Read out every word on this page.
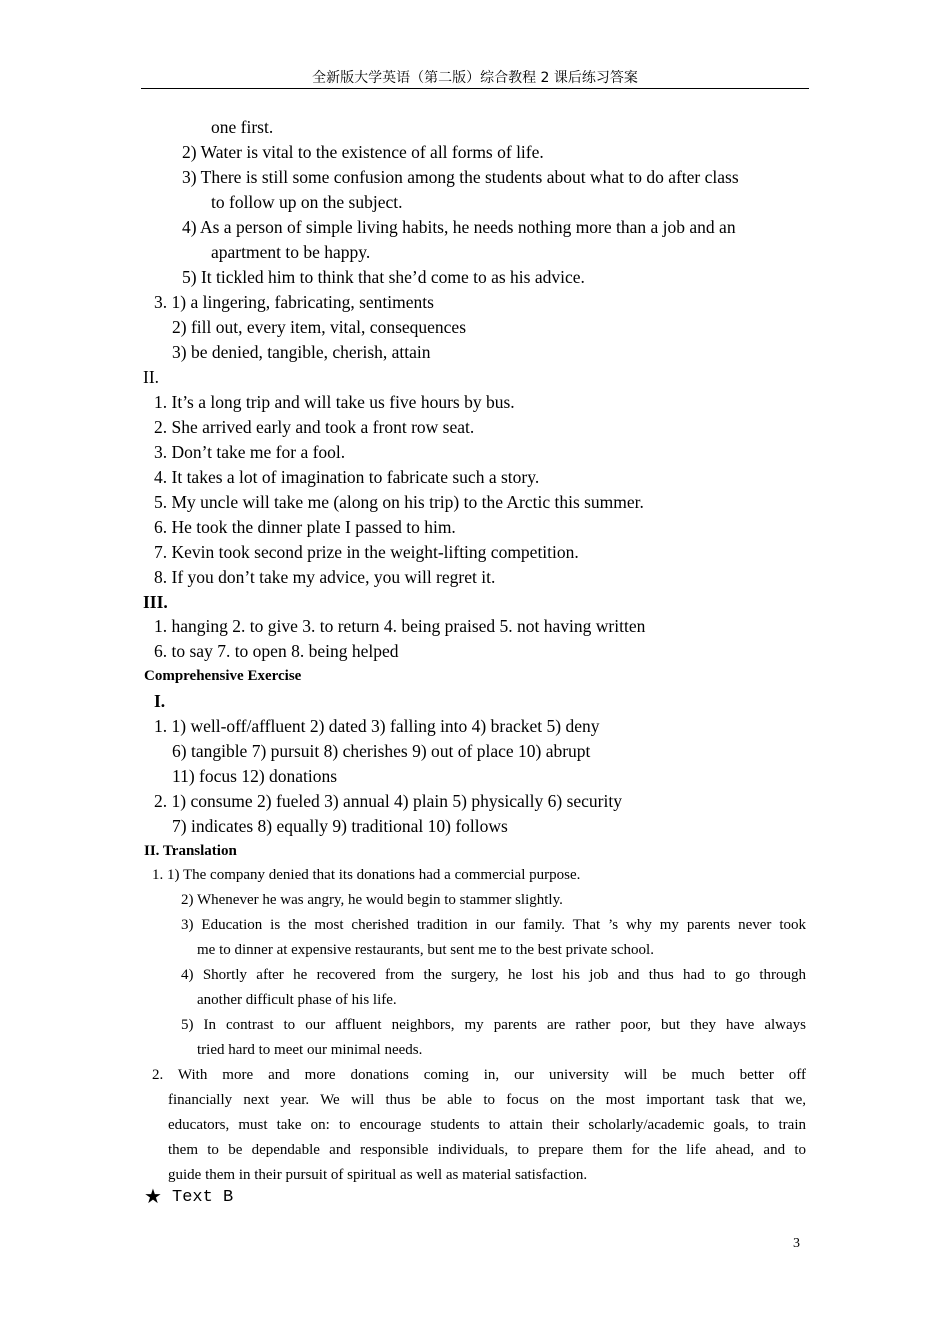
全新版大学英语（第二版）综合教程 2 课后练习答案
one first.
2) Water is vital to the existence of all forms of life.
3) There is still some confusion among the students about what to do after class
to follow up on the subject.
4) As a person of simple living habits, he needs nothing more than a job and an
apartment to be happy.
5) It tickled him to think that she’d come to as his advice.
3. 1) a lingering, fabricating, sentiments
2) fill out, every item, vital, consequences
3) be denied, tangible, cherish, attain
II.
1. It’s a long trip and will take us five hours by bus.
2. She arrived early and took a front row seat.
3. Don’t take me for a fool.
4. It takes a lot of imagination to fabricate such a story.
5. My uncle will take me (along on his trip) to the Arctic this summer.
6. He took the dinner plate I passed to him.
7. Kevin took second prize in the weight-lifting competition.
8. If you don’t take my advice, you will regret it.
III.
1. hanging 2. to give 3. to return 4. being praised 5. not having written
6. to say 7. to open 8. being helped
Comprehensive Exercise
I.
1. 1) well-off/affluent 2) dated 3) falling into 4) bracket 5) deny
6) tangible 7) pursuit 8) cherishes 9) out of place 10) abrupt
11) focus 12) donations
2. 1) consume 2) fueled 3) annual 4) plain 5) physically 6) security
7) indicates 8) equally 9) traditional 10) follows
II. Translation
1. 1) The company denied that its donations had a commercial purpose.
2) Whenever he was angry, he would begin to stammer slightly.
3) Education is the most cherished tradition in our family. That ’s why my parents never took
me to dinner at expensive restaurants, but sent me to the best private school.
4) Shortly after he recovered from the surgery, he lost his job and thus had to go through
another difficult phase of his life.
5) In contrast to our affluent neighbors, my parents are rather poor, but they have always
tried hard to meet our minimal needs.
2. With more and more donations coming in, our university will be much better off
financially next year. We will thus be able to focus on the most important task that we,
educators, must take on: to encourage students to attain their scholarly/academic goals, to train
them to be dependable and responsible individuals, to prepare them for the life ahead, and to
guide them in their pursuit of spiritual as well as material satisfaction.
★ Text B
3
